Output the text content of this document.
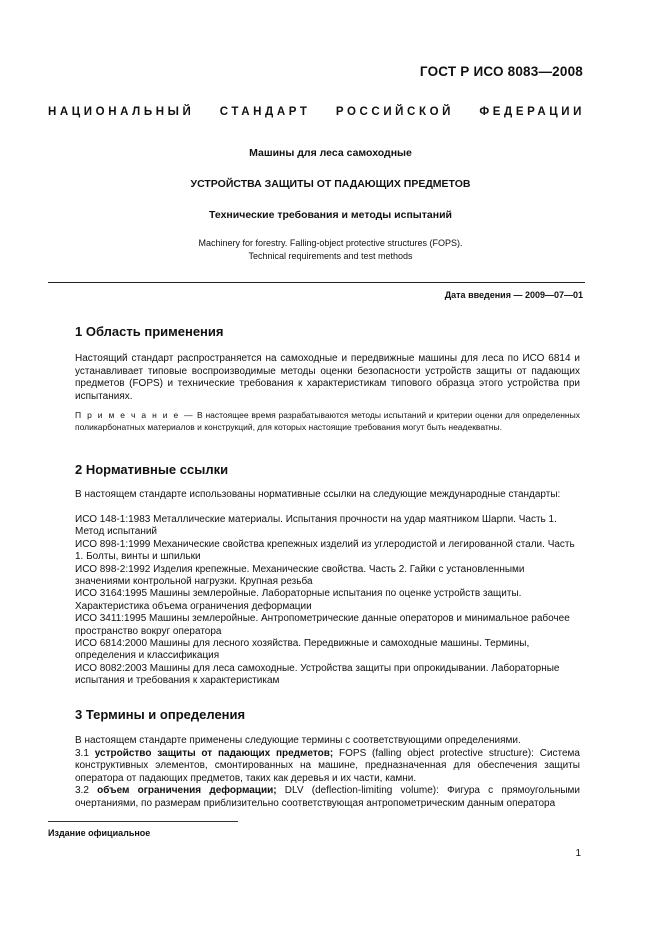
ГОСТ Р ИСО 8083—2008
НАЦИОНАЛЬНЫЙ СТАНДАРТ РОССИЙСКОЙ ФЕДЕРАЦИИ
Машины для леса самоходные
УСТРОЙСТВА ЗАЩИТЫ ОТ ПАДАЮЩИХ ПРЕДМЕТОВ
Технические требования и методы испытаний
Machinery for forestry. Falling-object protective structures (FOPS).
Technical requirements and test methods
Дата введения — 2009—07—01
1 Область применения
Настоящий стандарт распространяется на самоходные и передвижные машины для леса по ИСО 6814 и устанавливает типовые воспроизводимые методы оценки безопасности устройств защиты от падающих предметов (FOPS) и технические требования к характеристикам типового образца этого устройства при испытаниях.
П р и м е ч а н и е — В настоящее время разрабатываются методы испытаний и критерии оценки для определенных поликарбонатных материалов и конструкций, для которых настоящие требования могут быть неадекватны.
2 Нормативные ссылки
В настоящем стандарте использованы нормативные ссылки на следующие международные стандарты:
ИСО 148-1:1983 Металлические материалы. Испытания прочности на удар маятником Шарпи. Часть 1. Метод испытаний
ИСО 898-1:1999 Механические свойства крепежных изделий из углеродистой и легированной стали. Часть 1. Болты, винты и шпильки
ИСО 898-2:1992 Изделия крепежные. Механические свойства. Часть 2. Гайки с установленными значениями контрольной нагрузки. Крупная резьба
ИСО 3164:1995 Машины землеройные. Лабораторные испытания по оценке устройств защиты. Характеристика объема ограничения деформации
ИСО 3411:1995 Машины землеройные. Антропометрические данные операторов и минимальное рабочее пространство вокруг оператора
ИСО 6814:2000 Машины для лесного хозяйства. Передвижные и самоходные машины. Термины, определения и классификация
ИСО 8082:2003 Машины для леса самоходные. Устройства защиты при опрокидывании. Лабораторные испытания и требования к характеристикам
3 Термины и определения
В настоящем стандарте применены следующие термины с соответствующими определениями.
3.1 устройство защиты от падающих предметов; FOPS (falling object protective structure): Система конструктивных элементов, смонтированных на машине, предназначенная для обеспечения защиты оператора от падающих предметов, таких как деревья и их части, камни.
3.2 объем ограничения деформации; DLV (deflection-limiting volume): Фигура с прямоугольными очертаниями, по размерам приблизительно соответствующая антропометрическим данным оператора
Издание официальное
1
